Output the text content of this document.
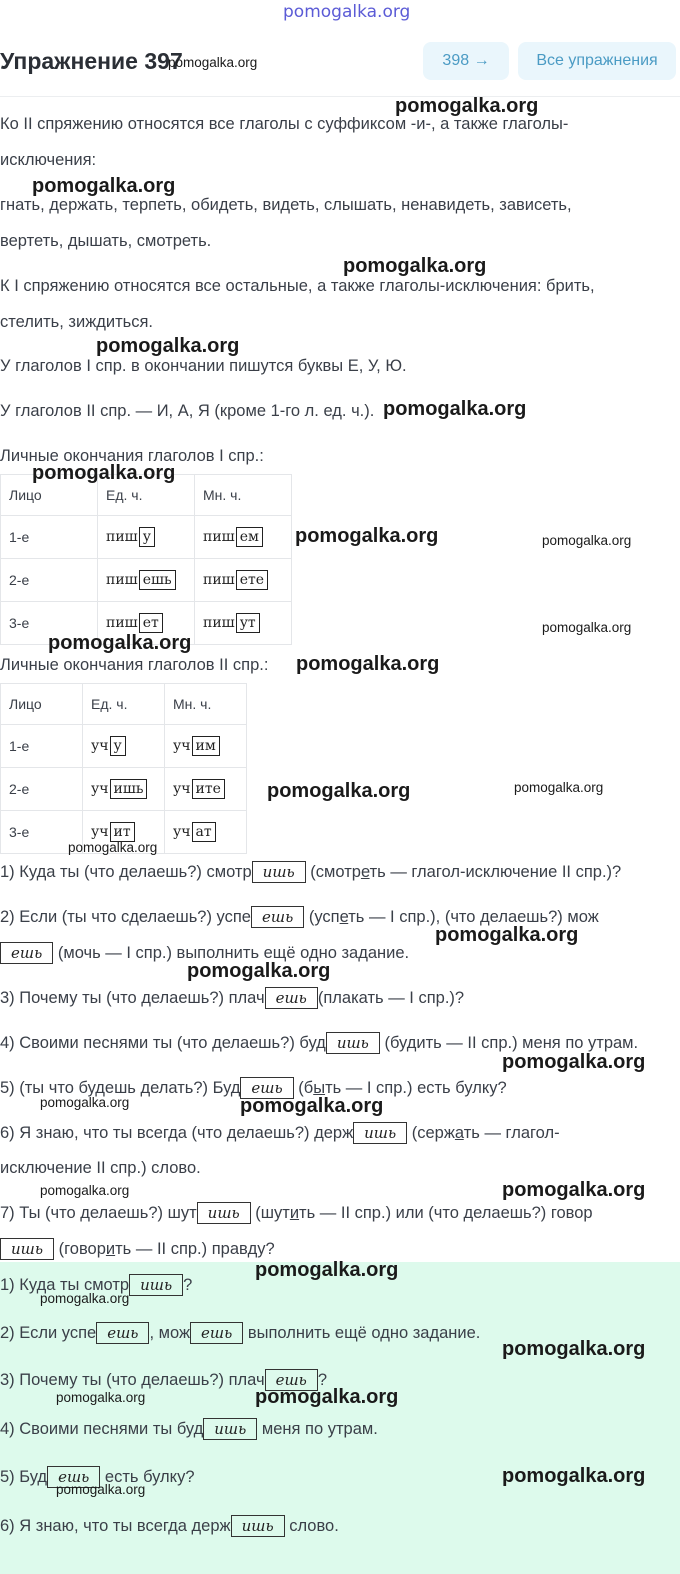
pomogalka.org
Упражнение 397	398 →	Все упражнения
Ко II спряжению относятся все глаголы с суффиксом -и-, а также глаголы-
исключения:
гнать, держать, терпеть, обидеть, видеть, слышать, ненавидеть, зависеть,
вертеть, дышать, смотреть.
К I спряжению относятся все остальные, а также глаголы-исключения: брить,
стелить, зиждиться.
У глаголов I спр. в окончании пишутся буквы Е, У, Ю.
У глаголов II спр. — И, А, Я (кроме 1-го л. ед. ч.).
Личные окончания глаголов I спр.:
Лицо	Ед. ч.	Мн. ч.
1-е	пиш у	пиш ем
2-е	пиш ешь	пиш ете
3-е	пиш ет	пиш ут
Личные окончания глаголов II спр.:
Лицо	Ед. ч.	Мн. ч.
1-е	уч у	уч им
2-е	уч ишь	уч ите
3-е	уч ит	уч ат
1) Куда ты (что делаешь?) смотр ишь (смотреть — глагол-исключение II спр.)?
2) Если (ты что сделаешь?) успе ешь (успеть — I спр.), (что делаешь?) мож
ешь (мочь — I спр.) выполнить ещё одно задание.
3) Почему ты (что делаешь?) плач ешь (плакать — I спр.)?
4) Своими песнями ты (что делаешь?) буд ишь (будить — II спр.) меня по утрам.
5) (ты что будешь делать?) Буд ешь (быть — I спр.) есть булку?
6) Я знаю, что ты всегда (что делаешь?) держ ишь (сержать — глагол-
исключение II спр.) слово.
7) Ты (что делаешь?) шут ишь (шутить — II спр.) или (что делаешь?) говор
ишь (говорить — II спр.) правду?
1) Куда ты смотр ишь ?
2) Если успе ешь , мож ешь выполнить ещё одно задание.
3) Почему ты (что делаешь?) плач ешь ?
4) Своими песнями ты буд ишь меня по утрам.
5) Буд ешь есть булку?
6) Я знаю, что ты всегда держ ишь слово.
pomogalka.org
pomogalka.org
pomogalka.org
pomogalka.org
pomogalka.org
pomogalka.org
pomogalka.org
pomogalka.org	pomogalka.org
pomogalka.org
pomogalka.org
pomogalka.org
pomogalka.org
pomogalka.org
pomogalka.org
pomogalka.org
pomogalka.org
pomogalka.org
pomogalka.org	pomogalka.org
pomogalka.org	pomogalka.org
pomogalka.org
pomogalka.org
pomogalka.org
pomogalka.org	pomogalka.org
pomogalka.org
pomogalka.org
